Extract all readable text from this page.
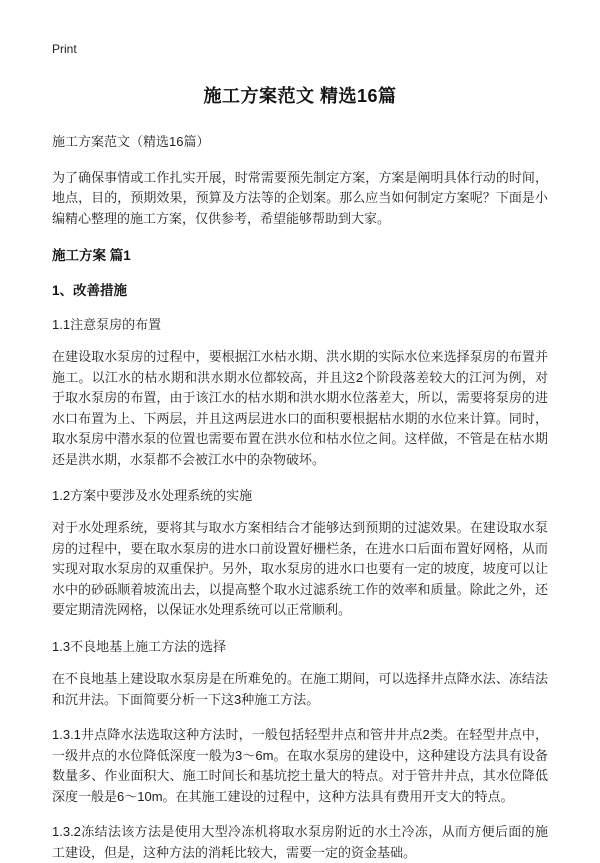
Print
施工方案范文 精选16篇
施工方案范文（精选16篇）

为了确保事情或工作扎实开展，时常需要预先制定方案，方案是阐明具体行动的时间，地点，目的，预期效果，预算及方法等的企划案。那么应当如何制定方案呢？下面是小编精心整理的施工方案，仅供参考，希望能够帮助到大家。

施工方案 篇1
1、改善措施
1.1注意泵房的布置

在建设取水泵房的过程中，要根据江水枯水期、洪水期的实际水位来选择泵房的布置并施工。以江水的枯水期和洪水期水位都较高，并且这2个阶段落差较大的江河为例，对于取水泵房的布置，由于该江水的枯水期和洪水期水位落差大，所以，需要将泵房的进水口布置为上、下两层，并且这两层进水口的面积要根据枯水期的水位来计算。同时，取水泵房中潜水泵的位置也需要布置在洪水位和枯水位之间。这样做，不管是在枯水期还是洪水期，水泵都不会被江水中的杂物破坏。

1.2方案中要涉及水处理系统的实施

对于水处理系统，要将其与取水方案相结合才能够达到预期的过滤效果。在建设取水泵房的过程中，要在取水泵房的进水口前设置好栅栏条，在进水口后面布置好网格，从而实现对取水泵房的双重保护。另外，取水泵房的进水口也要有一定的坡度，坡度可以让水中的砂砾顺着坡流出去，以提高整个取水过滤系统工作的效率和质量。除此之外，还要定期清洗网格，以保证水处理系统可以正常顺利。

1.3不良地基上施工方法的选择

在不良地基上建设取水泵房是在所难免的。在施工期间，可以选择井点降水法、冻结法和沉井法。下面简要分析一下这3种施工方法。

1.3.1井点降水法选取这种方法时，一般包括轻型井点和管井井点2类。在轻型井点中，一级井点的水位降低深度一般为3～6m。在取水泵房的建设中，这种建设方法具有设备数量多、作业面积大、施工时间长和基坑挖土量大的特点。对于管井井点，其水位降低深度一般是6～10m。在其施工建设的过程中，这种方法具有费用开支大的特点。

1.3.2冻结法该方法是使用大型冷冻机将取水泵房附近的水土冷冻，从而方便后面的施工建设，但是，这种方法的消耗比较大，需要一定的资金基础。
